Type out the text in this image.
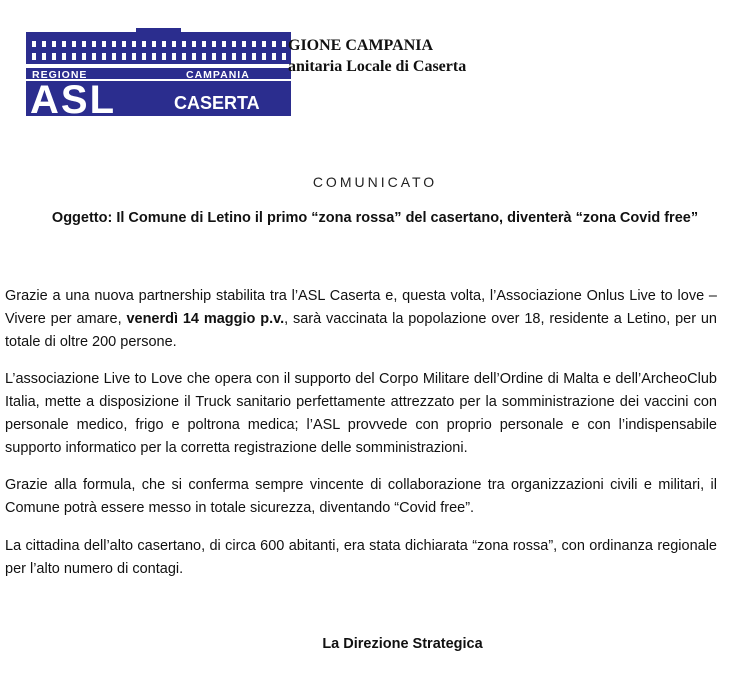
REGIONE	CAMPANIA
ASL	CASERTA
GIONE CAMPANIA
anitaria Locale di Caserta
COMUNICATO
Oggetto: Il Comune di Letino il primo “zona rossa” del casertano, diventerà “zona Covid free”

Grazie a una nuova partnership stabilita tra l’ASL Caserta e, questa volta, l’Associazione Onlus Live to love – Vivere per amare, venerdì 14 maggio p.v., sarà vaccinata la popolazione over 18, residente a Letino, per un totale di oltre 200 persone.

L’associazione Live to Love che opera con il supporto del Corpo Militare dell’Ordine di Malta e dell’ArcheoClub Italia, mette a disposizione il Truck sanitario perfettamente attrezzato per la somministrazione dei vaccini con personale medico, frigo e poltrona medica; l’ASL provvede con proprio personale e con l’indispensabile supporto informatico per la corretta registrazione delle somministrazioni.

Grazie alla formula, che si conferma sempre vincente di collaborazione tra organizzazioni civili e militari, il Comune potrà essere messo in totale sicurezza, diventando “Covid free”.

La cittadina dell’alto casertano, di circa 600 abitanti, era stata dichiarata “zona rossa”, con ordinanza regionale per l’alto numero di contagi.

La Direzione Strategica
